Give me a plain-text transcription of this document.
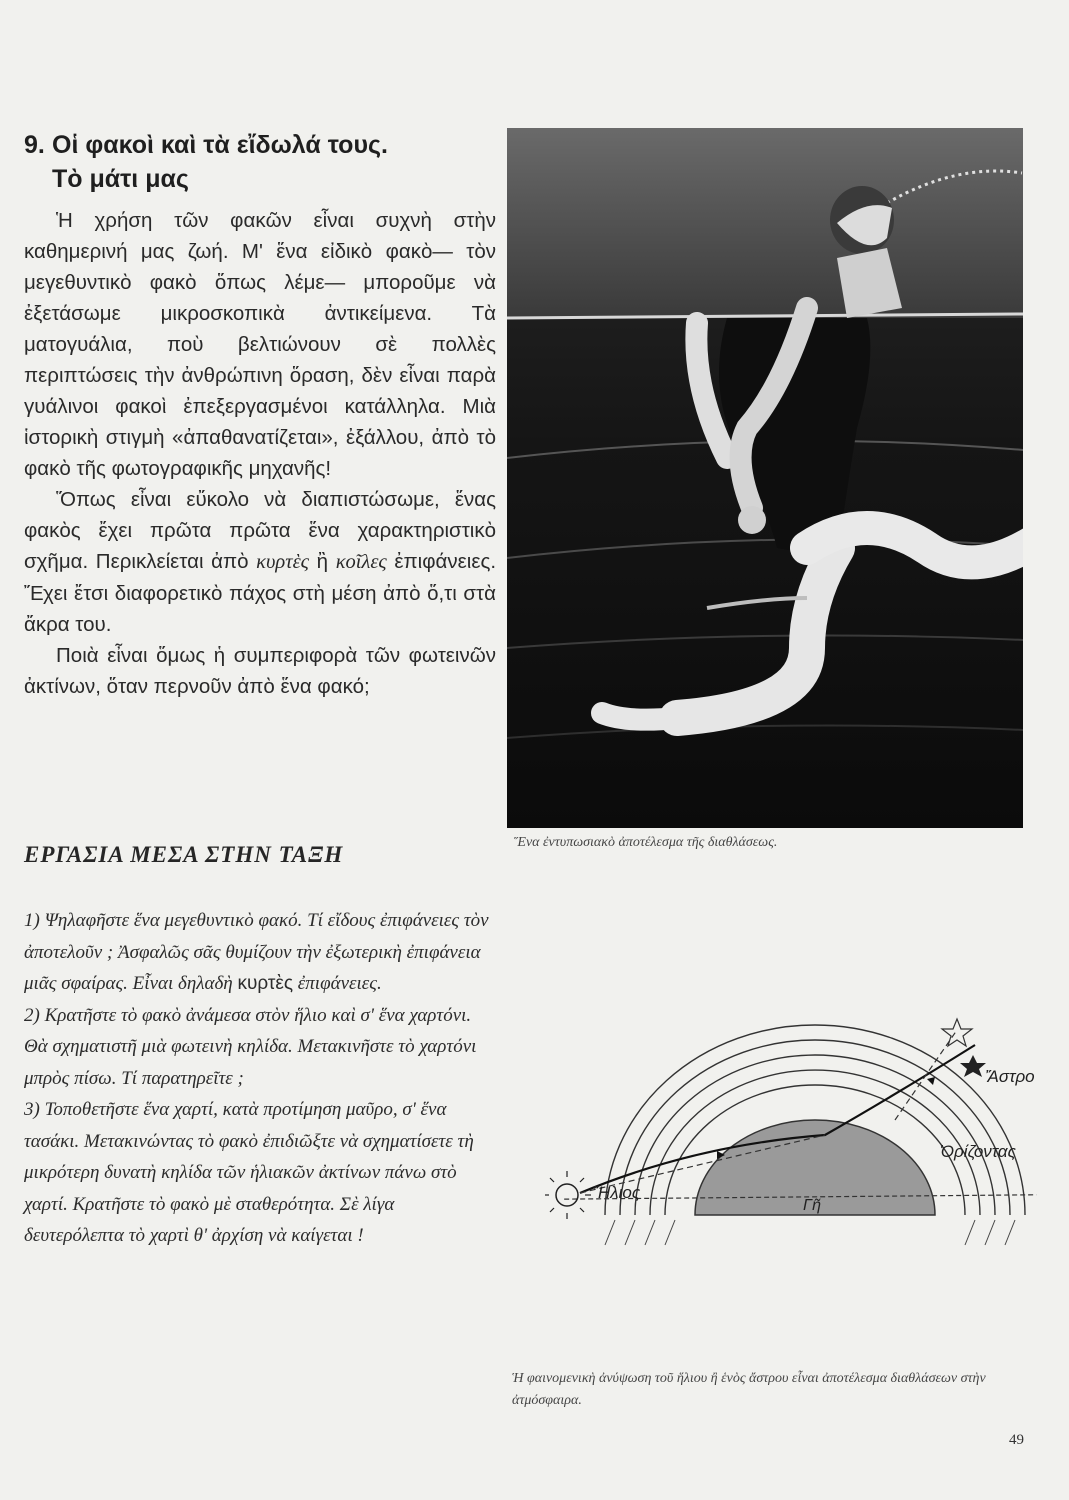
9. Οἱ φακοὶ καὶ τὰ εἴδωλά τους.
Τὸ μάτι μας

Ἡ χρήση τῶν φακῶν εἶναι συχνὴ στὴν καθημερινή μας ζωή. Μ' ἕνα εἰδικὸ φακὸ— τὸν μεγεθυντικὸ φακὸ ὅπως λέμε— μποροῦμε νὰ ἐξετάσωμε μικροσκοπικὰ ἀντικείμενα. Τὰ ματογυάλια, ποὺ βελτιώνουν σὲ πολλὲς περιπτώσεις τὴν ἀνθρώπινη ὅραση, δὲν εἶναι παρὰ γυάλινοι φακοὶ ἐπεξεργασμένοι κατάλληλα. Μιὰ ἱστορικὴ στιγμὴ «ἀπαθανατίζεται», ἐξάλλου, ἀπὸ τὸ φακὸ τῆς φωτογραφικῆς μηχανῆς!

Ὅπως εἶναι εὔκολο νὰ διαπιστώσωμε, ἕνας φακὸς ἔχει πρῶτα πρῶτα ἕνα χαρακτηριστικὸ σχῆμα. Περικλείεται ἀπὸ κυρτὲς ἢ κοῖλες ἐπιφάνειες. Ἔχει ἔτσι διαφορετικὸ πάχος στὴ μέση ἀπὸ ὅ,τι στὰ ἄκρα του.

Ποιὰ εἶναι ὅμως ἡ συμπεριφορὰ τῶν φωτεινῶν ἀκτίνων, ὅταν περνοῦν ἀπὸ ἕνα φακό;

ΕΡΓΑΣΙΑ ΜΕΣΑ ΣΤΗΝ ΤΑΞΗ

1) Ψηλαφῆστε ἕνα μεγεθυντικὸ φακό. Τί εἴδους ἐπιφάνειες τὸν ἀποτελοῦν ; Ἀσφαλῶς σᾶς θυμίζουν τὴν ἐξωτερικὴ ἐπιφάνεια μιᾶς σφαίρας. Εἶναι δηλαδὴ κυρτὲς ἐπιφάνειες.

2) Κρατῆστε τὸ φακὸ ἀνάμεσα στὸν ἥλιο καὶ σ' ἕνα χαρτόνι. Θὰ σχηματιστῆ μιὰ φωτεινὴ κηλίδα. Μετακινῆστε τὸ χαρτόνι μπρὸς πίσω. Τί παρατηρεῖτε ;

3) Τοποθετῆστε ἕνα χαρτί, κατὰ προτίμηση μαῦρο, σ' ἕνα τασάκι. Μετακινώντας τὸ φακὸ ἐπιδιῶξτε νὰ σχηματίσετε τὴ μικρότερη δυνατὴ κηλίδα τῶν ἡλιακῶν ἀκτίνων πάνω στὸ χαρτί. Κρατῆστε τὸ φακὸ μὲ σταθερότητα. Σὲ λίγα δευτερόλεπτα τὸ χαρτὶ θ' ἀρχίση νὰ καίγεται !

Ἕνα ἐντυπωσιακὸ ἀποτέλεσμα τῆς διαθλάσεως.

Ἄστρο
Ὁρίζοντας
Ἥλιος
Γῆ

Ἡ φαινομενικὴ ἀνύψωση τοῦ ἥλιου ἢ ἑνὸς ἄστρου εἶναι ἀποτέλεσμα διαθλάσεων στὴν ἀτμόσφαιρα.

49
